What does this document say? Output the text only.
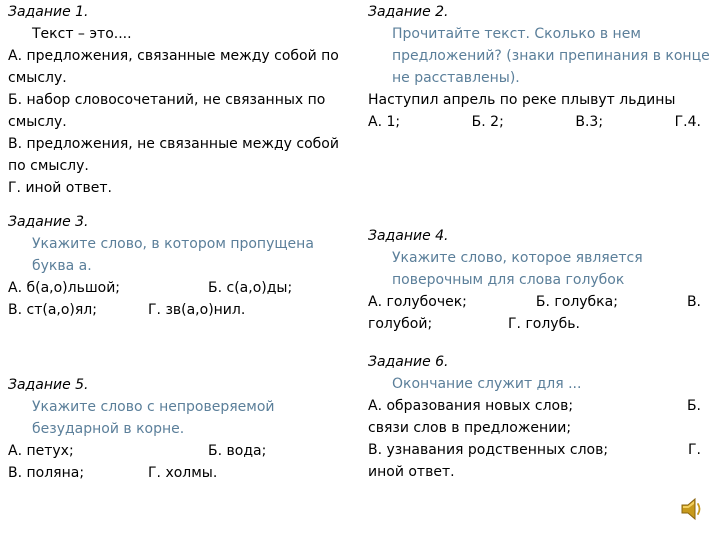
Задание 1.
Текст – это....
А. предложения, связанные между собой по смыслу.
Б. набор словосочетаний, не связанных по смыслу.
В. предложения, не связанные между собой по смыслу.
Г. иной ответ.
Задание 2.
Прочитайте текст. Сколько в нем предложений? (знаки препинания в конце не расставлены).
Наступил апрель по реке плывут льдины
А. 1;	Б. 2;	В.3;	Г.4.
Задание 3.
Укажите слово, в котором пропущена буква а.
А. б(а,о)льшой;	Б. с(а,о)ды;
В. ст(а,о)ял;	Г. зв(а,о)нил.
Задание 4.
Укажите слово, которое является поверочным для слова голубок
А. голубочек;	Б. голубка;	В.
голубой;	Г. голубь.
Задание 5.
Укажите слово с непроверяемой безударной в корне.
А. петух;	Б. вода;
В. поляна;	Г. холмы.
Задание 6.
Окончание служит для ...
А. образования новых слов;	Б.
связи слов в предложении;
В. узнавания родственных слов;	Г.
иной ответ.
